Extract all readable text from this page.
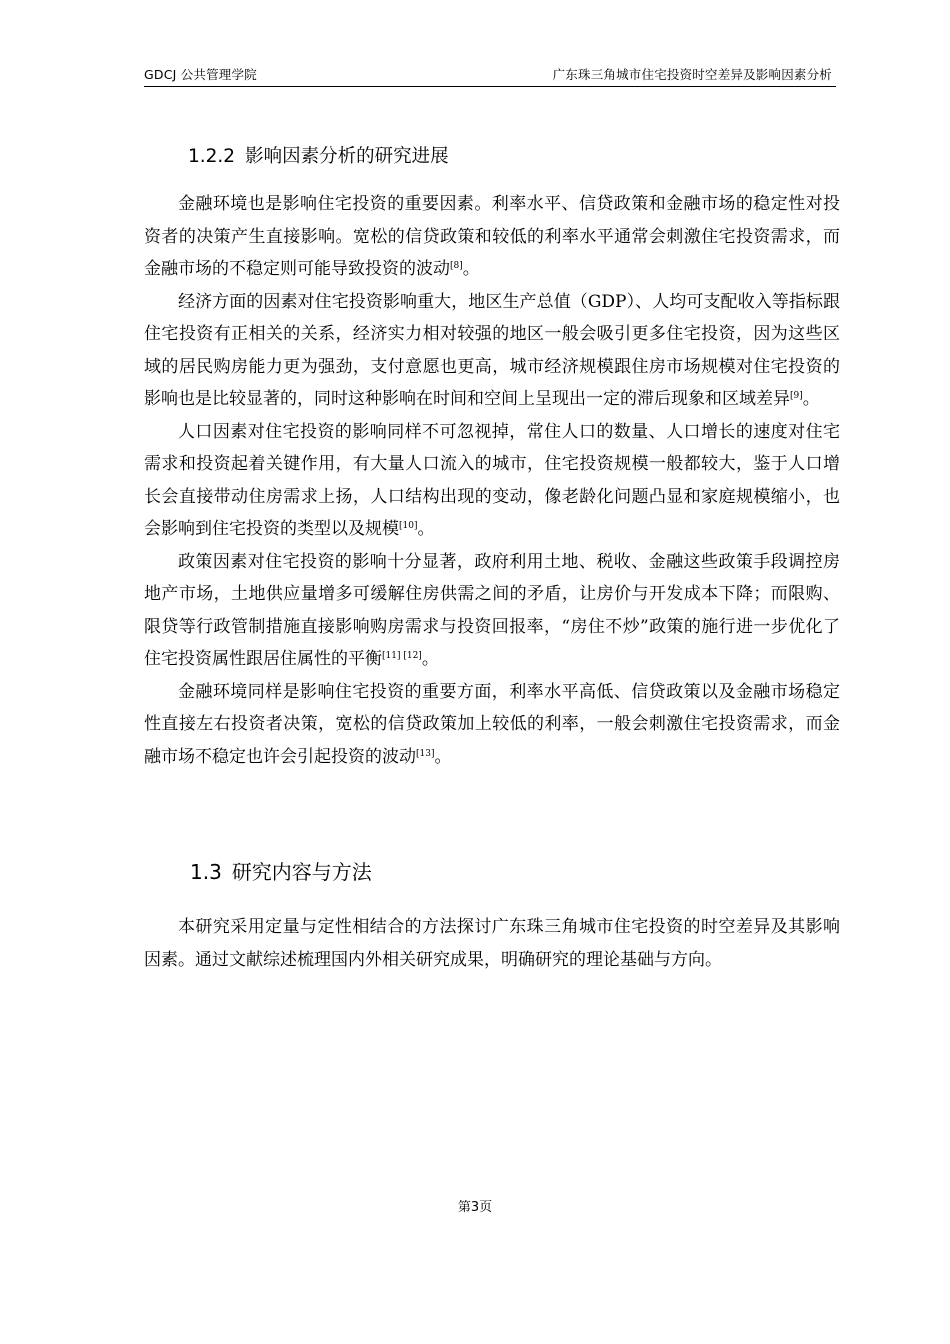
GDCJ 公共管理学院	广东珠三角城市住宅投资时空差异及影响因素分析
1.2.2 影响因素分析的研究进展

金融环境也是影响住宅投资的重要因素。利率水平、信贷政策和金融市场的稳定性对投资者的决策产生直接影响。宽松的信贷政策和较低的利率水平通常会刺激住宅投资需求，而金融市场的不稳定则可能导致投资的波动[8]。

经济方面的因素对住宅投资影响重大，地区生产总值（GDP）、人均可支配收入等指标跟住宅投资有正相关的关系，经济实力相对较强的地区一般会吸引更多住宅投资，因为这些区域的居民购房能力更为强劲，支付意愿也更高，城市经济规模跟住房市场规模对住宅投资的影响也是比较显著的，同时这种影响在时间和空间上呈现出一定的滞后现象和区域差异[9]。

人口因素对住宅投资的影响同样不可忽视掉，常住人口的数量、人口增长的速度对住宅需求和投资起着关键作用，有大量人口流入的城市，住宅投资规模一般都较大，鉴于人口增长会直接带动住房需求上扬，人口结构出现的变动，像老龄化问题凸显和家庭规模缩小，也会影响到住宅投资的类型以及规模[10]。

政策因素对住宅投资的影响十分显著，政府利用土地、税收、金融这些政策手段调控房地产市场，土地供应量增多可缓解住房供需之间的矛盾，让房价与开发成本下降；而限购、限贷等行政管制措施直接影响购房需求与投资回报率，“房住不炒”政策的施行进一步优化了住宅投资属性跟居住属性的平衡[11] [12]。

金融环境同样是影响住宅投资的重要方面，利率水平高低、信贷政策以及金融市场稳定性直接左右投资者决策，宽松的信贷政策加上较低的利率，一般会刺激住宅投资需求，而金融市场不稳定也许会引起投资的波动[13]。

1.3 研究内容与方法

本研究采用定量与定性相结合的方法探讨广东珠三角城市住宅投资的时空差异及其影响因素。通过文献综述梳理国内外相关研究成果，明确研究的理论基础与方向。

第3页
